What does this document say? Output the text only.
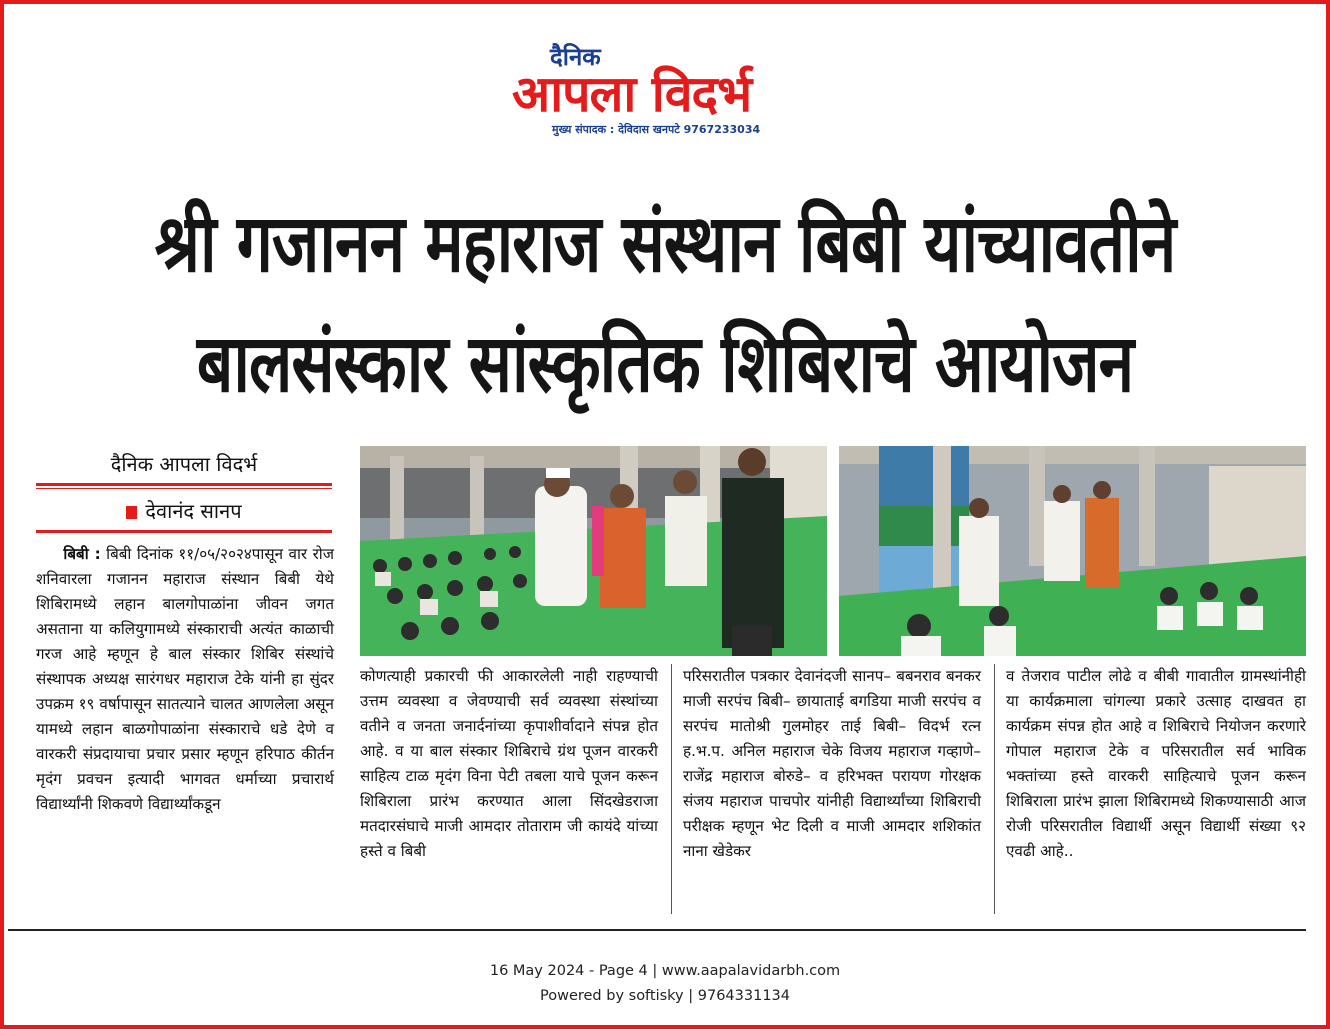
दैनिक
आपला विदर्भ
मुख्य संपादक : देविदास खनपटे 9767233034
श्री गजानन महाराज संस्थान बिबी यांच्यावतीने
बालसंस्कार सांस्कृतिक शिबिराचे आयोजन
दैनिक आपला विदर्भ
देवानंद सानप
बिबी : बिबी दिनांक ११/०५/२०२४पासून वार रोज शनिवारला गजानन महाराज संस्थान बिबी येथे शिबिरामध्ये लहान बालगोपाळांना जीवन जगत असताना या कलियुगामध्ये संस्काराची अत्यंत काळाची गरज आहे म्हणून हे बाल संस्कार शिबिर संस्थांचे संस्थापक अध्यक्ष सारंगधर महाराज टेके यांनी हा सुंदर उपक्रम १९ वर्षापासून सातत्याने चालत आणलेला असून यामध्ये लहान बाळगोपाळांना संस्काराचे धडे देणे व वारकरी संप्रदायाचा प्रचार प्रसार म्हणून हरिपाठ कीर्तन मृदंग प्रवचन इत्यादी भागवत धर्माच्या प्रचारार्थ विद्यार्थ्यांनी शिकवणे विद्यार्थ्यांकडून
कोणत्याही प्रकारची फी आकारलेली नाही राहण्याची उत्तम व्यवस्था व जेवण्याची सर्व व्यवस्था संस्थांच्या वतीने व जनता जनार्दनांच्या कृपाशीर्वादाने संपन्न होत आहे. व या बाल संस्कार शिबिराचे ग्रंथ पूजन वारकरी साहित्य टाळ मृदंग विना पेटी तबला याचे पूजन करून शिबिराला प्रारंभ करण्यात आला सिंदखेडराजा मतदारसंघाचे माजी आमदार तोताराम जी कायंदे यांच्या हस्ते व बिबी
परिसरातील पत्रकार देवानंदजी सानप– बबनराव बनकर माजी सरपंच बिबी– छायाताई बगडिया माजी सरपंच व सरपंच मातोश्री गुलमोहर ताई बिबी– विदर्भ रत्न ह.भ.प. अनिल महाराज चेके विजय महाराज गव्हाणे– राजेंद्र महाराज बोरुडे– व हरिभक्त परायण गोरक्षक संजय महाराज पाचपोर यांनीही विद्यार्थ्यांच्या शिबिराची परीक्षक म्हणून भेट दिली व माजी आमदार शशिकांत नाना खेडेकर
व तेजराव पाटील लोढे व बीबी गावातील ग्रामस्थांनीही या कार्यक्रमाला चांगल्या प्रकारे उत्साह दाखवत हा कार्यक्रम संपन्न होत आहे व शिबिराचे नियोजन करणारे गोपाल महाराज टेके व परिसरातील सर्व भाविक भक्तांच्या हस्ते वारकरी साहित्याचे पूजन करून शिबिराला प्रारंभ झाला शिबिरामध्ये शिकण्यासाठी आज रोजी परिसरातील विद्यार्थी असून विद्यार्थी संख्या ९२ एवढी आहे..
16 May 2024 - Page 4 | www.aapalavidarbh.com
Powered by softisky | 9764331134
